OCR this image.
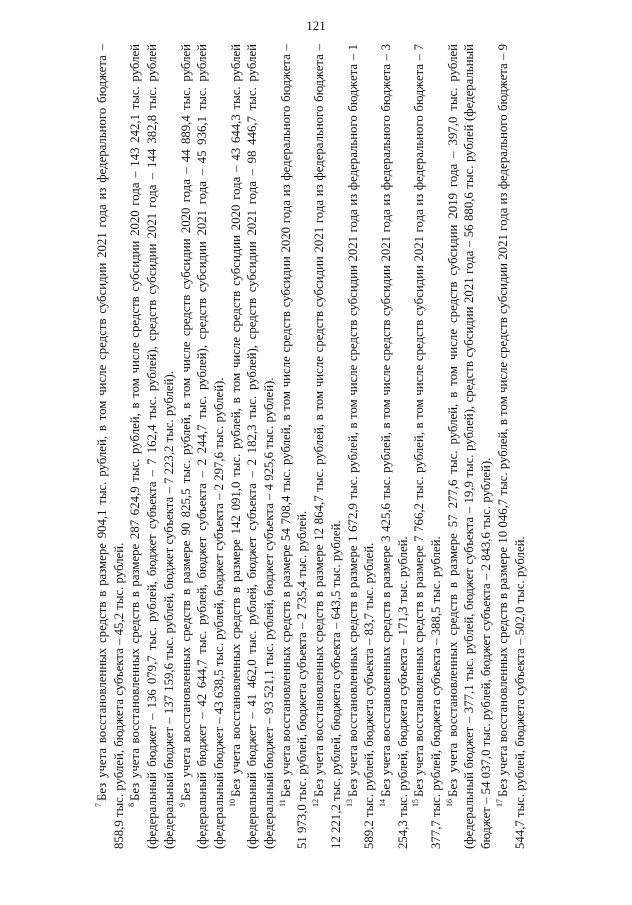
121

$^7$Без учета восстановленных средств в размере 904,1 тыс. рублей, в том числе средств субсидии 2021 года из федерального бюджета – 858,9 тыс. рублей, бюджета субъекта – 45,2 тыс. рублей. $^8$Без учета восстановленных средств в размере 287 624,9 тыс. рублей, в том числе средств субсидии 2020 года – 143 242,1 тыс. рублей (федеральный бюджет – 136 079,7 тыс. рублей, бюджет субъекта – 7 162,4 тыс. рублей), средств субсидии 2021 года – 144 382,8 тыс. рублей (федеральный бюджет – 137 159,6 тыс. рублей, бюджет субъекта – 7 223,2 тыс. рублей). $^9$Без учета восстановленных средств в размере 90 825,5 тыс. рублей, в том числе средств субсидии 2020 года – 44 889,4 тыс. рублей (федеральный бюджет – 42 644,7 тыс. рублей, бюджет субъекта – 2 244,7 тыс. рублей), средств субсидии 2021 года – 45 936,1 тыс. рублей (федеральный бюджет – 43 638,5 тыс. рублей, бюджет субъекта – 2 297,6 тыс. рублей). $^{10}$Без учета восстановленных средств в размере 142 091,0 тыс. рублей, в том числе средств субсидии 2020 года – 43 644,3 тыс. рублей (федеральный бюджет – 41 462,0 тыс. рублей, бюджет субъекта – 2 182,3 тыс. рублей), средств субсидии 2021 года – 98 446,7 тыс. рублей (федеральный бюджет – 93 521,1 тыс. рублей, бюджет субъекта – 4 925,6 тыс. рублей). $^{11}$Без учета восстановленных средств в размере 54 708,4 тыс. рублей, в том числе средств субсидии 2020 года из федерального бюджета – 51 973,0 тыс. рублей, бюджета субъекта – 2 735,4 тыс. рублей. $^{12}$Без учета восстановленных средств в размере 12 864,7 тыс. рублей, в том числе средств субсидии 2021 года из федерального бюджета – 12 221,2 тыс. рублей, бюджета субъекта – 643,5 тыс. рублей. $^{13}$Без учета восстановленных средств в размере 1 672,9 тыс. рублей, в том числе средств субсидии 2021 года из федерального бюджета – 1 589,2 тыс. рублей, бюджета субъекта – 83,7 тыс. рублей. $^{14}$Без учета восстановленных средств в размере 3 425,6 тыс. рублей, в том числе средств субсидии 2021 года из федерального бюджета – 3 254,3 тыс. рублей, бюджета субъекта – 171,3 тыс. рублей. $^{15}$Без учета восстановленных средств в размере 7 766,2 тыс. рублей, в том числе средств субсидии 2021 года из федерального бюджета – 7 377,7 тыс. рублей, бюджета субъекта – 388,5 тыс. рублей. $^{16}$Без учета восстановленных средств в размере 57 277,6 тыс. рублей, в том числе средств субсидии 2019 года – 397,0 тыс. рублей (федеральный бюджет – 377,1 тыс. рублей, бюджет субъекта – 19,9 тыс. рублей), средств субсидии 2021 года – 56 880,6 тыс. рублей (федеральный бюджет – 54 037,0 тыс. рублей, бюджет субъекта – 2 843,6 тыс. рублей). $^{17}$Без учета восстановленных средств в размере 10 046,7 тыс. рублей, в том числе средств субсидии 2021 года из федерального бюджета – 9 544,7 тыс. рублей, бюджета субъекта – 502,0 тыс. рублей.
